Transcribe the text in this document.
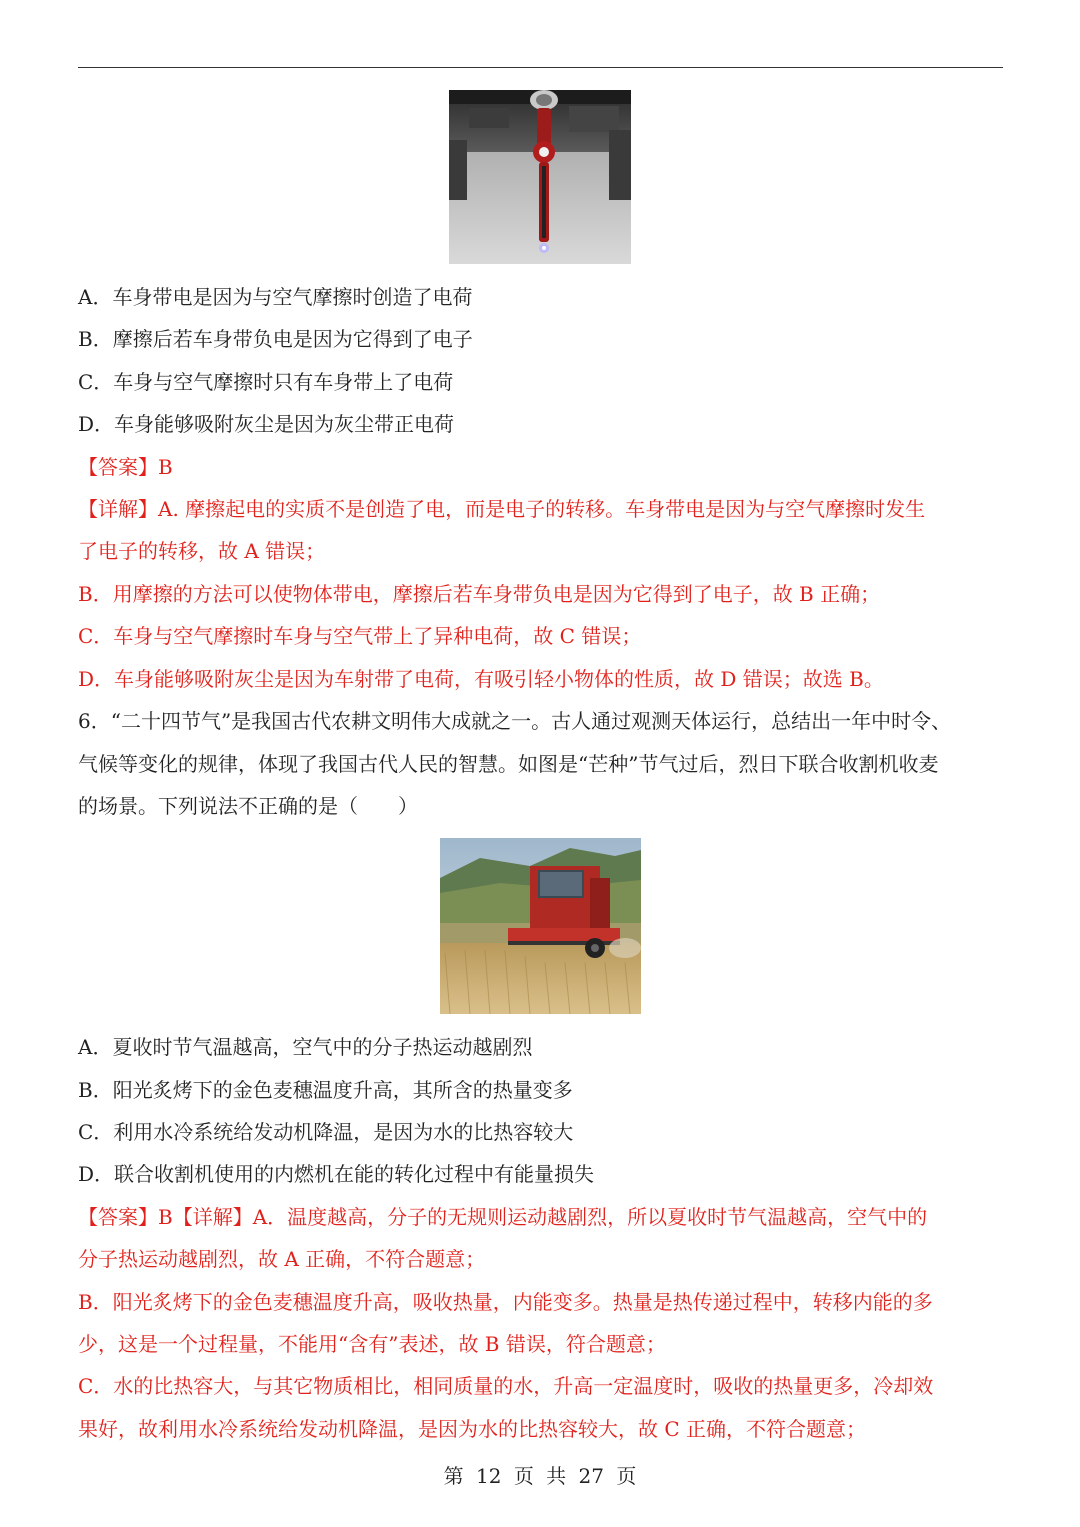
A．车身带电是因为与空气摩擦时创造了电荷
B．摩擦后若车身带负电是因为它得到了电子
C．车身与空气摩擦时只有车身带上了电荷
D．车身能够吸附灰尘是因为灰尘带正电荷
【答案】B
【详解】A. 摩擦起电的实质不是创造了电，而是电子的转移。车身带电是因为与空气摩擦时发生
了电子的转移，故 A 错误；
B．用摩擦的方法可以使物体带电，摩擦后若车身带负电是因为它得到了电子，故 B 正确；
C．车身与空气摩擦时车身与空气带上了异种电荷，故 C 错误；
D．车身能够吸附灰尘是因为车射带了电荷，有吸引轻小物体的性质，故 D 错误；故选 B。
6．“二十四节气”是我国古代农耕文明伟大成就之一。古人通过观测天体运行，总结出一年中时令、
气候等变化的规律，体现了我国古代人民的智慧。如图是“芒种”节气过后，烈日下联合收割机收麦
的场景。下列说法不正确的是（　　）
A．夏收时节气温越高，空气中的分子热运动越剧烈
B．阳光炙烤下的金色麦穗温度升高，其所含的热量变多
C．利用水冷系统给发动机降温，是因为水的比热容较大
D．联合收割机使用的内燃机在能的转化过程中有能量损失
【答案】B【详解】A．温度越高，分子的无规则运动越剧烈，所以夏收时节气温越高，空气中的
分子热运动越剧烈，故 A 正确，不符合题意；
B．阳光炙烤下的金色麦穗温度升高，吸收热量，内能变多。热量是热传递过程中，转移内能的多
少，这是一个过程量，不能用“含有”表述，故 B 错误，符合题意；
C．水的比热容大，与其它物质相比，相同质量的水，升高一定温度时，吸收的热量更多，冷却效
果好，故利用水冷系统给发动机降温，是因为水的比热容较大，故 C 正确，不符合题意；
第 12 页 共 27 页
